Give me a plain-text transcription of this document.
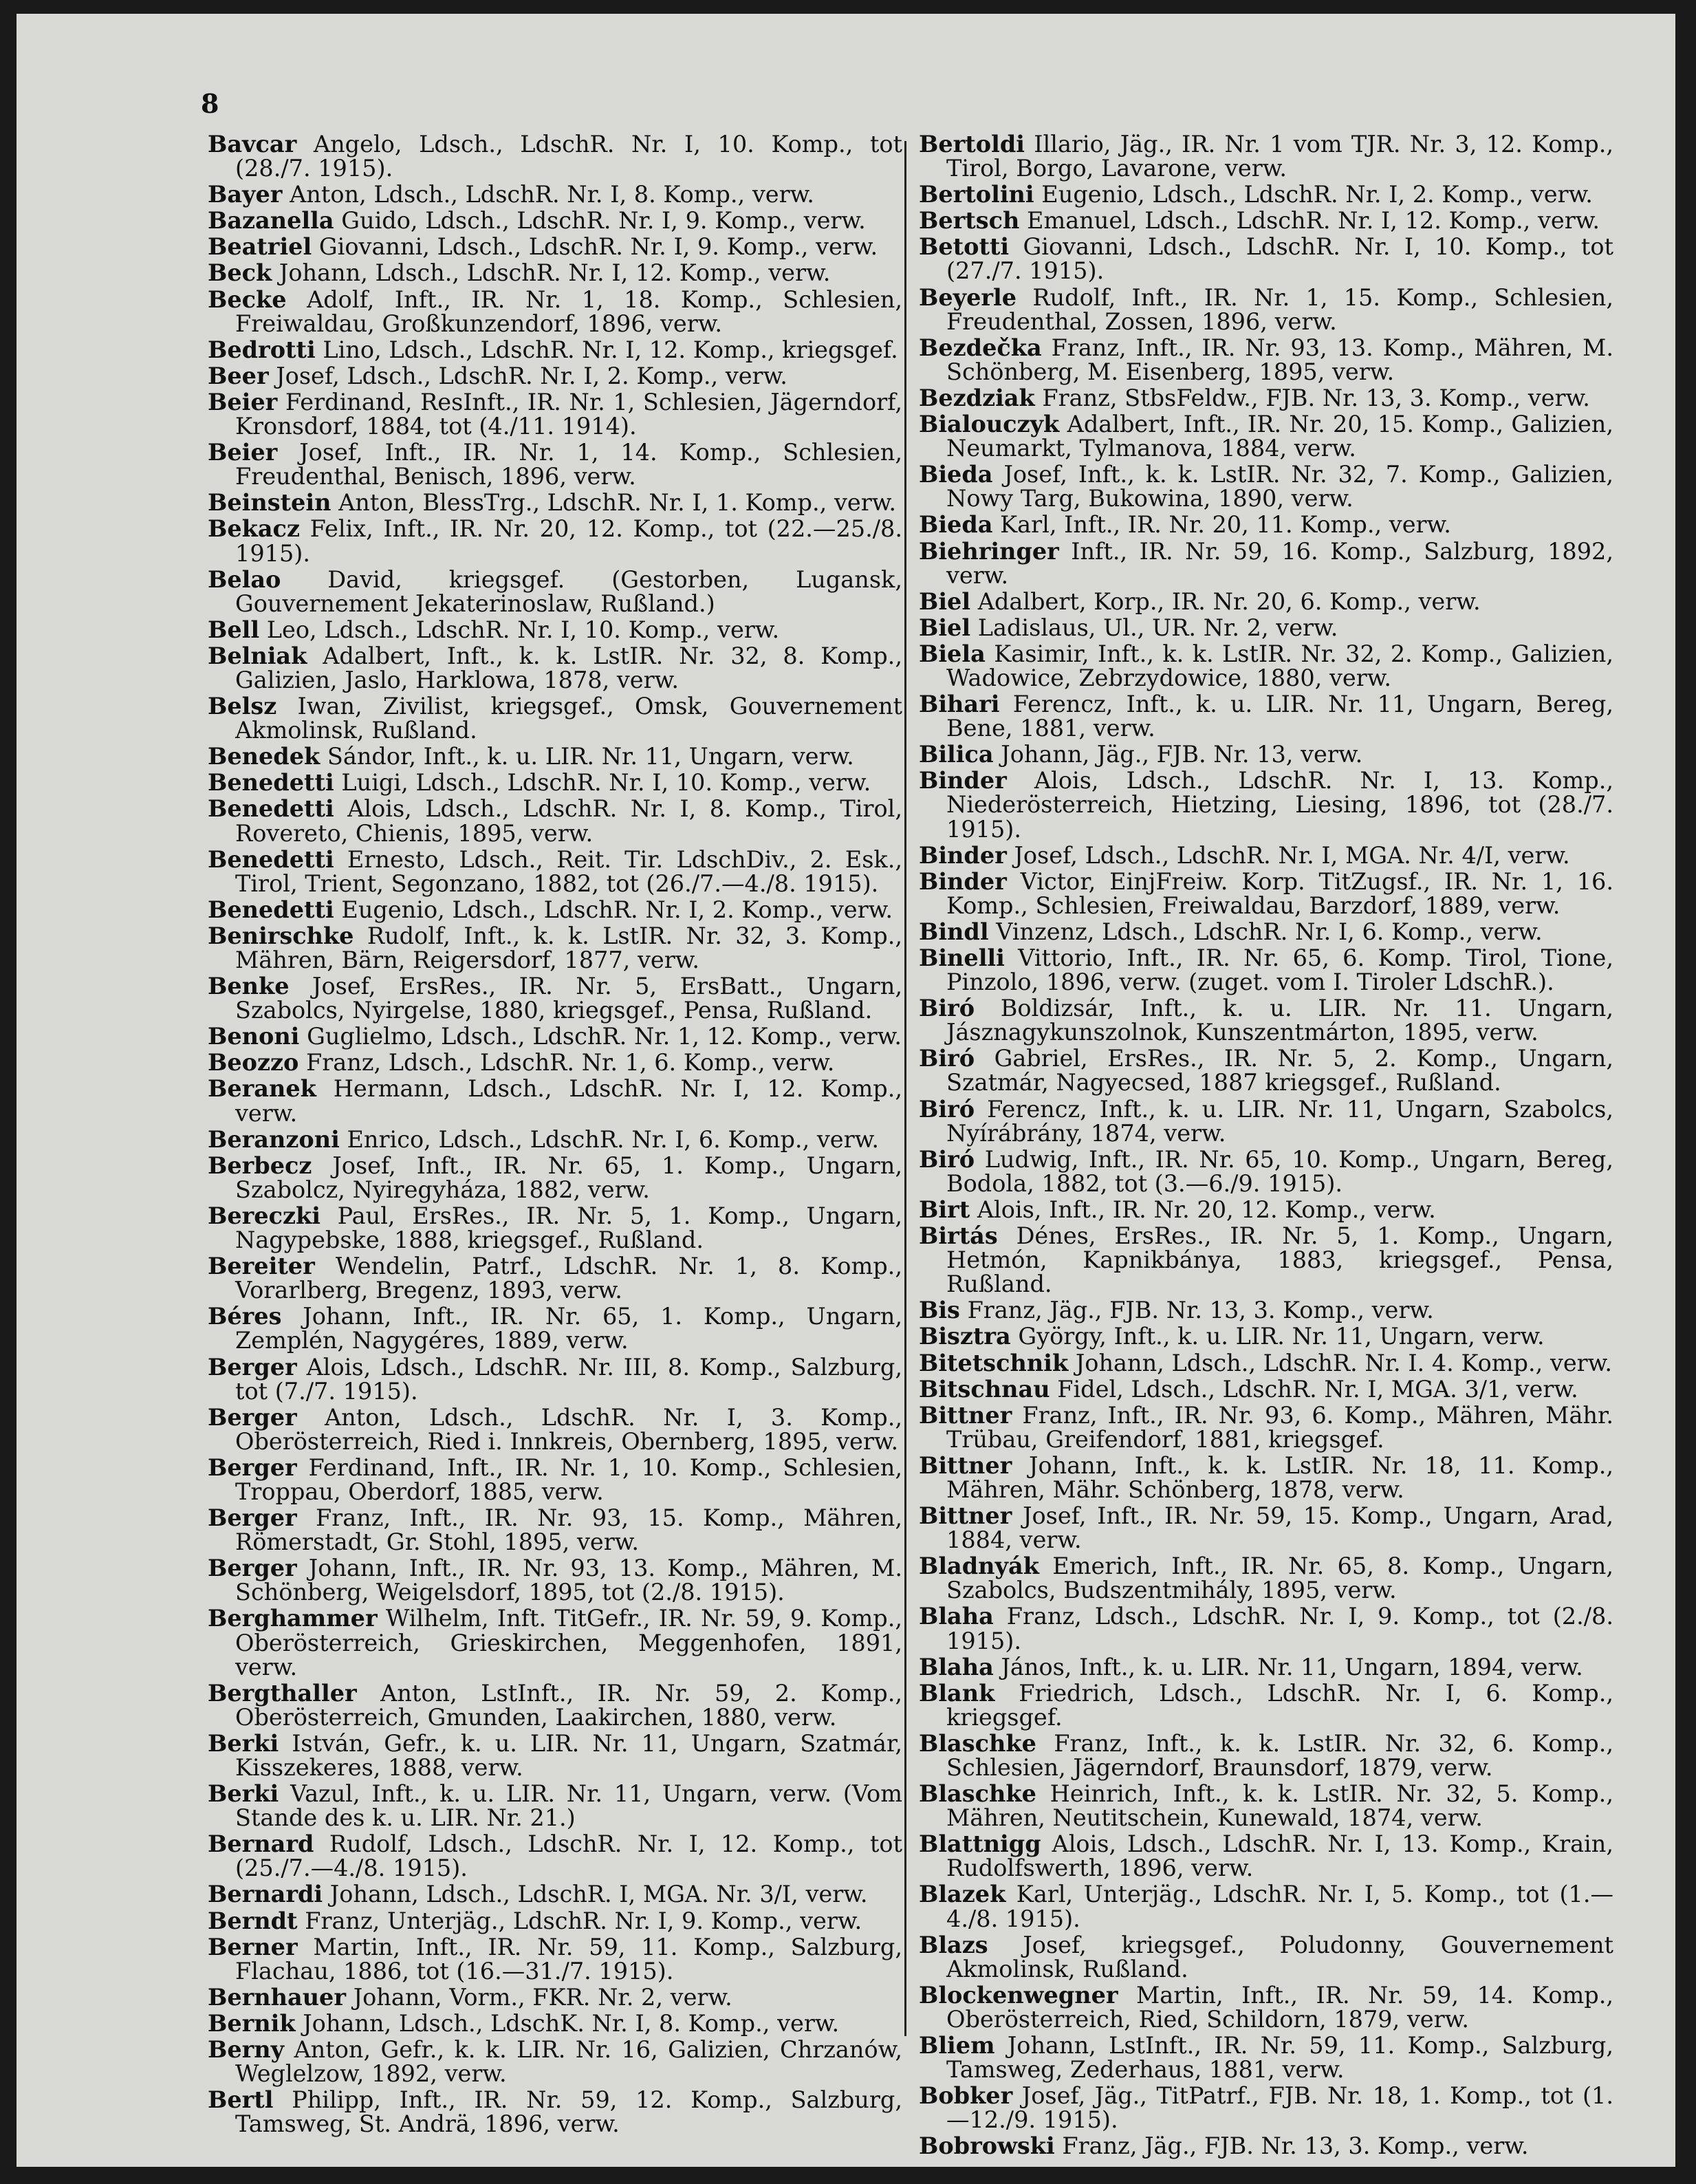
8

Bavcar Angelo, Ldsch., LdschR. Nr. I, 10. Komp., tot (28./7. 1915).

Bayer Anton, Ldsch., LdschR. Nr. I, 8. Komp., verw.

Bazanella Guido, Ldsch., LdschR. Nr. I, 9. Komp., verw.

Beatriel Giovanni, Ldsch., LdschR. Nr. I, 9. Komp., verw.

Beck Johann, Ldsch., LdschR. Nr. I, 12. Komp., verw.

Becke Adolf, Inft., IR. Nr. 1, 18. Komp., Schlesien, Freiwaldau, Großkunzendorf, 1896, verw.

Bedrotti Lino, Ldsch., LdschR. Nr. I, 12. Komp., kriegsgef.

Beer Josef, Ldsch., LdschR. Nr. I, 2. Komp., verw.

Beier Ferdinand, ResInft., IR. Nr. 1, Schlesien, Jägerndorf, Kronsdorf, 1884, tot (4./11. 1914).

Beier Josef, Inft., IR. Nr. 1, 14. Komp., Schlesien, Freudenthal, Benisch, 1896, verw.

Beinstein Anton, BlessTrg., LdschR. Nr. I, 1. Komp., verw.

Bekacz Felix, Inft., IR. Nr. 20, 12. Komp., tot (22.—25./8. 1915).

Belao David, kriegsgef. (Gestorben, Lugansk, Gouvernement Jekaterinoslaw, Rußland.)

Bell Leo, Ldsch., LdschR. Nr. I, 10. Komp., verw.

Belniak Adalbert, Inft., k. k. LstIR. Nr. 32, 8. Komp., Galizien, Jaslo, Harklowa, 1878, verw.

Belsz Iwan, Zivilist, kriegsgef., Omsk, Gouvernement Akmolinsk, Rußland.

Benedek Sándor, Inft., k. u. LIR. Nr. 11, Ungarn, verw.

Benedetti Luigi, Ldsch., LdschR. Nr. I, 10. Komp., verw.

Benedetti Alois, Ldsch., LdschR. Nr. I, 8. Komp., Tirol, Rovereto, Chienis, 1895, verw.

Benedetti Ernesto, Ldsch., Reit. Tir. LdschDiv., 2. Esk., Tirol, Trient, Segonzano, 1882, tot (26./7.—4./8. 1915).

Benedetti Eugenio, Ldsch., LdschR. Nr. I, 2. Komp., verw.

Benirschke Rudolf, Inft., k. k. LstIR. Nr. 32, 3. Komp., Mähren, Bärn, Reigersdorf, 1877, verw.

Benke Josef, ErsRes., IR. Nr. 5, ErsBatt., Ungarn, Szabolcs, Nyirgelse, 1880, kriegsgef., Pensa, Rußland.

Benoni Guglielmo, Ldsch., LdschR. Nr. 1, 12. Komp., verw.

Beozzo Franz, Ldsch., LdschR. Nr. 1, 6. Komp., verw.

Beranek Hermann, Ldsch., LdschR. Nr. I, 12. Komp., verw.

Beranzoni Enrico, Ldsch., LdschR. Nr. I, 6. Komp., verw.

Berbecz Josef, Inft., IR. Nr. 65, 1. Komp., Ungarn, Szabolcz, Nyiregyháza, 1882, verw.

Bereczki Paul, ErsRes., IR. Nr. 5, 1. Komp., Ungarn, Nagypebske, 1888, kriegsgef., Rußland.

Bereiter Wendelin, Patrf., LdschR. Nr. 1, 8. Komp., Vorarlberg, Bregenz, 1893, verw.

Béres Johann, Inft., IR. Nr. 65, 1. Komp., Ungarn, Zemplén, Nagygéres, 1889, verw.

Berger Alois, Ldsch., LdschR. Nr. III, 8. Komp., Salzburg, tot (7./7. 1915).

Berger Anton, Ldsch., LdschR. Nr. I, 3. Komp., Oberösterreich, Ried i. Innkreis, Obernberg, 1895, verw.

Berger Ferdinand, Inft., IR. Nr. 1, 10. Komp., Schlesien, Troppau, Oberdorf, 1885, verw.

Berger Franz, Inft., IR. Nr. 93, 15. Komp., Mähren, Römerstadt, Gr. Stohl, 1895, verw.

Berger Johann, Inft., IR. Nr. 93, 13. Komp., Mähren, M. Schönberg, Weigelsdorf, 1895, tot (2./8. 1915).

Berghammer Wilhelm, Inft. TitGefr., IR. Nr. 59, 9. Komp., Oberösterreich, Grieskirchen, Meggenhofen, 1891, verw.

Bergthaller Anton, LstInft., IR. Nr. 59, 2. Komp., Oberösterreich, Gmunden, Laakirchen, 1880, verw.

Berki István, Gefr., k. u. LIR. Nr. 11, Ungarn, Szatmár, Kisszekeres, 1888, verw.

Berki Vazul, Inft., k. u. LIR. Nr. 11, Ungarn, verw. (Vom Stande des k. u. LIR. Nr. 21.)

Bernard Rudolf, Ldsch., LdschR. Nr. I, 12. Komp., tot (25./7.—4./8. 1915).

Bernardi Johann, Ldsch., LdschR. I, MGA. Nr. 3/I, verw.

Berndt Franz, Unterjäg., LdschR. Nr. I, 9. Komp., verw.

Berner Martin, Inft., IR. Nr. 59, 11. Komp., Salzburg, Flachau, 1886, tot (16.—31./7. 1915).

Bernhauer Johann, Vorm., FKR. Nr. 2, verw.

Bernik Johann, Ldsch., LdschK. Nr. I, 8. Komp., verw.

Berny Anton, Gefr., k. k. LIR. Nr. 16, Galizien, Chrzanów, Weglelzow, 1892, verw.

Bertl Philipp, Inft., IR. Nr. 59, 12. Komp., Salzburg, Tamsweg, St. Andrä, 1896, verw.

Bertoldi Illario, Jäg., IR. Nr. 1 vom TJR. Nr. 3, 12. Komp., Tirol, Borgo, Lavarone, verw.

Bertolini Eugenio, Ldsch., LdschR. Nr. I, 2. Komp., verw.

Bertsch Emanuel, Ldsch., LdschR. Nr. I, 12. Komp., verw.

Betotti Giovanni, Ldsch., LdschR. Nr. I, 10. Komp., tot (27./7. 1915).

Beyerle Rudolf, Inft., IR. Nr. 1, 15. Komp., Schlesien, Freudenthal, Zossen, 1896, verw.

Bezdečka Franz, Inft., IR. Nr. 93, 13. Komp., Mähren, M. Schönberg, M. Eisenberg, 1895, verw.

Bezdziak Franz, StbsFeldw., FJB. Nr. 13, 3. Komp., verw.

Bialouczyk Adalbert, Inft., IR. Nr. 20, 15. Komp., Galizien, Neumarkt, Tylmanova, 1884, verw.

Bieda Josef, Inft., k. k. LstIR. Nr. 32, 7. Komp., Galizien, Nowy Targ, Bukowina, 1890, verw.

Bieda Karl, Inft., IR. Nr. 20, 11. Komp., verw.

Biehringer Inft., IR. Nr. 59, 16. Komp., Salzburg, 1892, verw.

Biel Adalbert, Korp., IR. Nr. 20, 6. Komp., verw.

Biel Ladislaus, Ul., UR. Nr. 2, verw.

Biela Kasimir, Inft., k. k. LstIR. Nr. 32, 2. Komp., Galizien, Wadowice, Zebrzydowice, 1880, verw.

Bihari Ferencz, Inft., k. u. LIR. Nr. 11, Ungarn, Bereg, Bene, 1881, verw.

Bilica Johann, Jäg., FJB. Nr. 13, verw.

Binder Alois, Ldsch., LdschR. Nr. I, 13. Komp., Niederösterreich, Hietzing, Liesing, 1896, tot (28./7. 1915).

Binder Josef, Ldsch., LdschR. Nr. I, MGA. Nr. 4/I, verw.

Binder Victor, EinjFreiw. Korp. TitZugsf., IR. Nr. 1, 16. Komp., Schlesien, Freiwaldau, Barzdorf, 1889, verw.

Bindl Vinzenz, Ldsch., LdschR. Nr. I, 6. Komp., verw.

Binelli Vittorio, Inft., IR. Nr. 65, 6. Komp. Tirol, Tione, Pinzolo, 1896, verw. (zuget. vom I. Tiroler LdschR.).

Biró Boldizsár, Inft., k. u. LIR. Nr. 11. Ungarn, Jásznagykunszolnok, Kunszentmárton, 1895, verw.

Biró Gabriel, ErsRes., IR. Nr. 5, 2. Komp., Ungarn, Szatmár, Nagyecsed, 1887 kriegsgef., Rußland.

Biró Ferencz, Inft., k. u. LIR. Nr. 11, Ungarn, Szabolcs, Nyírábrány, 1874, verw.

Biró Ludwig, Inft., IR. Nr. 65, 10. Komp., Ungarn, Bereg, Bodola, 1882, tot (3.—6./9. 1915).

Birt Alois, Inft., IR. Nr. 20, 12. Komp., verw.

Birtás Dénes, ErsRes., IR. Nr. 5, 1. Komp., Ungarn, Hetmón, Kapnikbánya, 1883, kriegsgef., Pensa, Rußland.

Bis Franz, Jäg., FJB. Nr. 13, 3. Komp., verw.

Bisztra György, Inft., k. u. LIR. Nr. 11, Ungarn, verw.

Bitetschnik Johann, Ldsch., LdschR. Nr. I. 4. Komp., verw.

Bitschnau Fidel, Ldsch., LdschR. Nr. I, MGA. 3/1, verw.

Bittner Franz, Inft., IR. Nr. 93, 6. Komp., Mähren, Mähr. Trübau, Greifendorf, 1881, kriegsgef.

Bittner Johann, Inft., k. k. LstIR. Nr. 18, 11. Komp., Mähren, Mähr. Schönberg, 1878, verw.

Bittner Josef, Inft., IR. Nr. 59, 15. Komp., Ungarn, Arad, 1884, verw.

Bladnyák Emerich, Inft., IR. Nr. 65, 8. Komp., Ungarn, Szabolcs, Budszentmihály, 1895, verw.

Blaha Franz, Ldsch., LdschR. Nr. I, 9. Komp., tot (2./8. 1915).

Blaha János, Inft., k. u. LIR. Nr. 11, Ungarn, 1894, verw.

Blank Friedrich, Ldsch., LdschR. Nr. I, 6. Komp., kriegsgef.

Blaschke Franz, Inft., k. k. LstIR. Nr. 32, 6. Komp., Schlesien, Jägerndorf, Braunsdorf, 1879, verw.

Blaschke Heinrich, Inft., k. k. LstIR. Nr. 32, 5. Komp., Mähren, Neutitschein, Kunewald, 1874, verw.

Blattnigg Alois, Ldsch., LdschR. Nr. I, 13. Komp., Krain, Rudolfswerth, 1896, verw.

Blazek Karl, Unterjäg., LdschR. Nr. I, 5. Komp., tot (1.—4./8. 1915).

Blazs Josef, kriegsgef., Poludonny, Gouvernement Akmolinsk, Rußland.

Blockenwegner Martin, Inft., IR. Nr. 59, 14. Komp., Oberösterreich, Ried, Schildorn, 1879, verw.

Bliem Johann, LstInft., IR. Nr. 59, 11. Komp., Salzburg, Tamsweg, Zederhaus, 1881, verw.

Bobker Josef, Jäg., TitPatrf., FJB. Nr. 18, 1. Komp., tot (1.—12./9. 1915).

Bobrowski Franz, Jäg., FJB. Nr. 13, 3. Komp., verw.
